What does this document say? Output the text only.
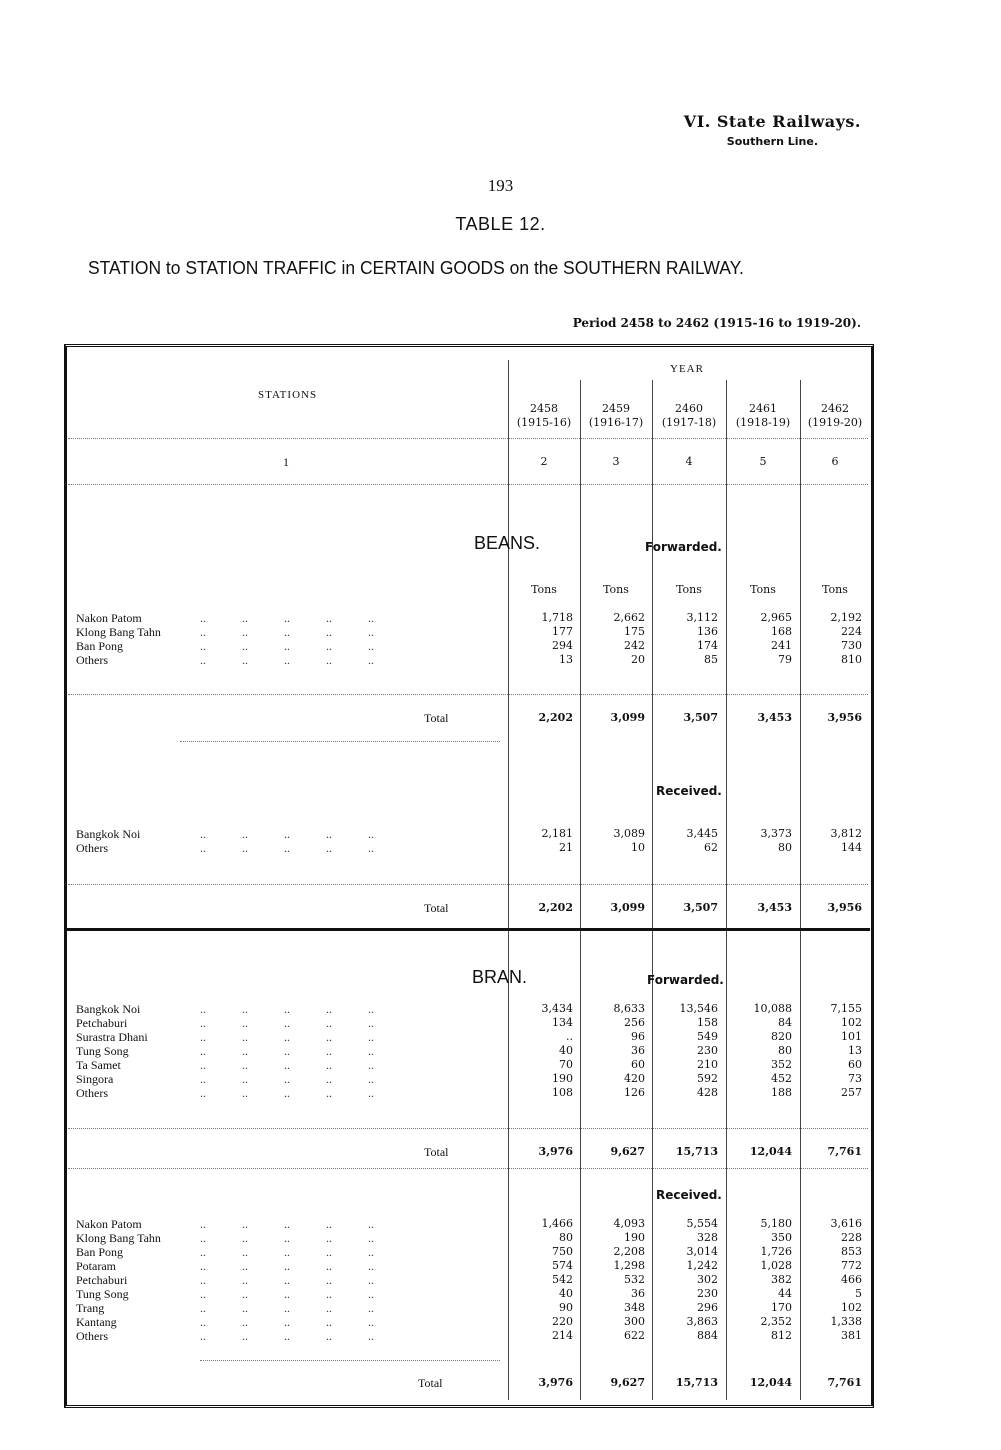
VI. State Railways.
Southern Line.
193
TABLE 12.
STATION to STATION TRAFFIC in CERTAIN GOODS on the SOUTHERN RAILWAY.
Period 2458 to 2462 (1915-16 to 1919-20).
STATIONS
YEAR
2458
(1915-16)
2459
(1916-17)
2460
(1917-18)
2461
(1918-19)
2462
(1919-20)
1	2	3	4	5	6
BEANS.	Forwarded.
Tons	Tons	Tons	Tons	Tons
Nakon Patom	..            ..            ..            ..            ..	1,718	2,662	3,112	2,965	2,192
Klong Bang Tahn	..            ..            ..            ..            ..	177	175	136	168	224
Ban Pong	..            ..            ..            ..            ..	294	242	174	241	730
Others	..            ..            ..            ..            ..	13	20	85	79	810
Total	2,202	3,099	3,507	3,453	3,956
Received.
Bangkok Noi	..            ..            ..            ..            ..	2,181	3,089	3,445	3,373	3,812
Others	..            ..            ..            ..            ..	21	10	62	80	144
Total	2,202	3,099	3,507	3,453	3,956
BRAN.	Forwarded.
Bangkok Noi	..            ..            ..            ..            ..	3,434	8,633	13,546	10,088	7,155
Petchaburi	..            ..            ..            ..            ..	134	256	158	84	102
Surastra Dhani	..            ..            ..            ..            ..	..	96	549	820	101
Tung Song	..            ..            ..            ..            ..	40	36	230	80	13
Ta Samet	..            ..            ..            ..            ..	70	60	210	352	60
Singora	..            ..            ..            ..            ..	190	420	592	452	73
Others	..            ..            ..            ..            ..	108	126	428	188	257
Total	3,976	9,627	15,713	12,044	7,761
Received.
Nakon Patom	..            ..            ..            ..            ..	1,466	4,093	5,554	5,180	3,616
Klong Bang Tahn	..            ..            ..            ..            ..	80	190	328	350	228
Ban Pong	..            ..            ..            ..            ..	750	2,208	3,014	1,726	853
Potaram	..            ..            ..            ..            ..	574	1,298	1,242	1,028	772
Petchaburi	..            ..            ..            ..            ..	542	532	302	382	466
Tung Song	..            ..            ..            ..            ..	40	36	230	44	5
Trang	..            ..            ..            ..            ..	90	348	296	170	102
Kantang	..            ..            ..            ..            ..	220	300	3,863	2,352	1,338
Others	..            ..            ..            ..            ..	214	622	884	812	381
Total	3,976	9,627	15,713	12,044	7,761
